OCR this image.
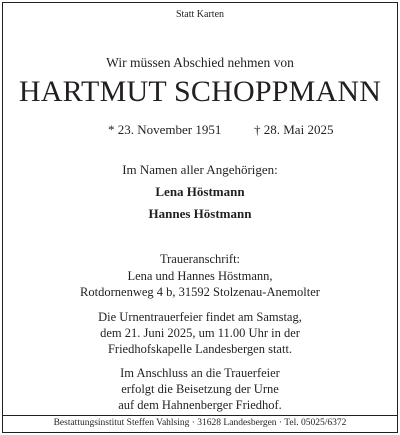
Statt Karten
Wir müssen Abschied nehmen von
HARTMUT SCHOPPMANN
* 23. November 1951	† 28. Mai 2025
Im Namen aller Angehörigen:
Lena Höstmann
Hannes Höstmann
Traueranschrift:
Lena und Hannes Höstmann,
Rotdornenweg 4 b, 31592 Stolzenau-Anemolter
Die Urnentrauerfeier findet am Samstag,
dem 21. Juni 2025, um 11.00 Uhr in der
Friedhofskapelle Landesbergen statt.
Im Anschluss an die Trauerfeier
erfolgt die Beisetzung der Urne
auf dem Hahnenberger Friedhof.
Bestattungsinstitut Steffen Vahlsing · 31628 Landesbergen · Tel. 05025/6372
